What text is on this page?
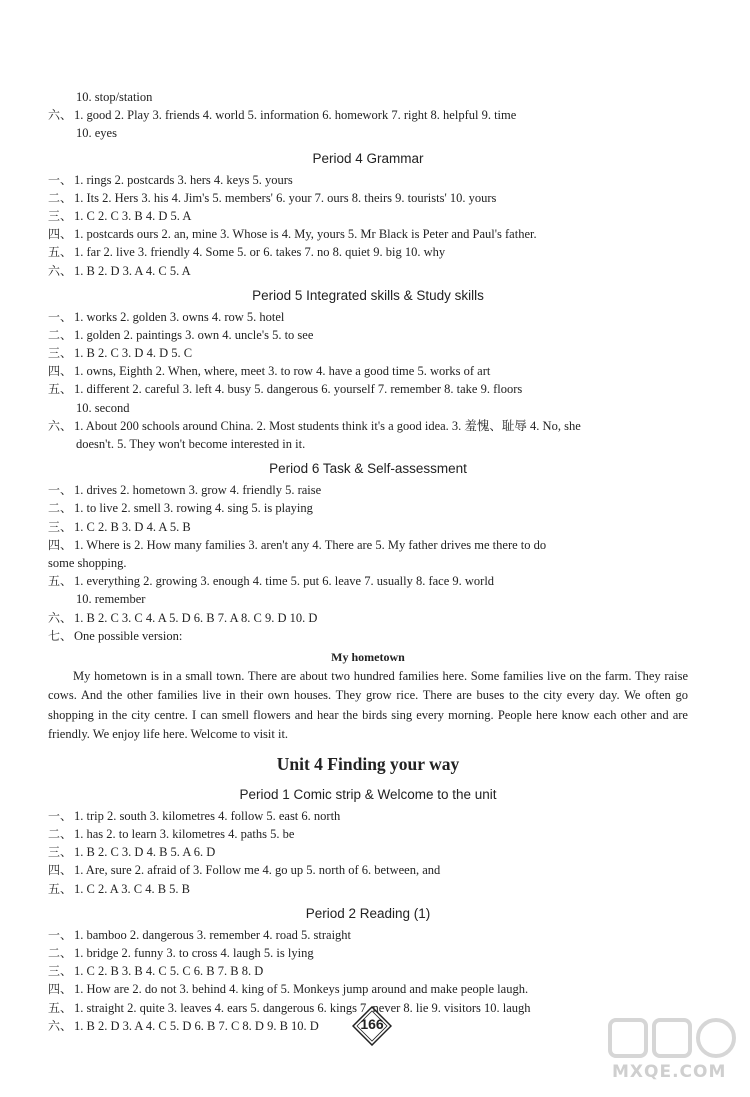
10. stop/station
六、 1. good 2. Play 3. friends 4. world 5. information 6. homework 7. right 8. helpful 9. time
10. eyes
Period 4 Grammar
一、 1. rings 2. postcards 3. hers 4. keys 5. yours
二、 1. Its 2. Hers 3. his 4. Jim's 5. members' 6. your 7. ours 8. theirs 9. tourists' 10. yours
三、 1. C 2. C 3. B 4. D 5. A
四、 1. postcards ours 2. an, mine 3. Whose is 4. My, yours 5. Mr Black is Peter and Paul's father.
五、 1. far 2. live 3. friendly 4. Some 5. or 6. takes 7. no 8. quiet 9. big 10. why
六、 1. B 2. D 3. A 4. C 5. A
Period 5 Integrated skills & Study skills
一、 1. works 2. golden 3. owns 4. row 5. hotel
二、 1. golden 2. paintings 3. own 4. uncle's 5. to see
三、 1. B 2. C 3. D 4. D 5. C
四、 1. owns, Eighth 2. When, where, meet 3. to row 4. have a good time 5. works of art
五、 1. different 2. careful 3. left 4. busy 5. dangerous 6. yourself 7. remember 8. take 9. floors
10. second
六、 1. About 200 schools around China. 2. Most students think it's a good idea. 3. 羞愧、耻辱 4. No, she
doesn't. 5. They won't become interested in it.
Period 6 Task & Self-assessment
一、 1. drives 2. hometown 3. grow 4. friendly 5. raise
二、 1. to live 2. smell 3. rowing 4. sing 5. is playing
三、 1. C 2. B 3. D 4. A 5. B
四、 1. Where is 2. How many families 3. aren't any 4. There are 5. My father drives me there to do
some shopping.
五、 1. everything 2. growing 3. enough 4. time 5. put 6. leave 7. usually 8. face 9. world
10. remember
六、 1. B 2. C 3. C 4. A 5. D 6. B 7. A 8. C 9. D 10. D
七、 One possible version:
My hometown
My hometown is in a small town. There are about two hundred families here. Some families live on the farm. They raise cows. And the other families live in their own houses. They grow rice. There are buses to the city every day. We often go shopping in the city centre. I can smell flowers and hear the birds sing every morning. People here know each other and are friendly. We enjoy life here. Welcome to visit it.
Unit 4 Finding your way
Period 1 Comic strip & Welcome to the unit
一、 1. trip 2. south 3. kilometres 4. follow 5. east 6. north
二、 1. has 2. to learn 3. kilometres 4. paths 5. be
三、 1. B 2. C 3. D 4. B 5. A 6. D
四、 1. Are, sure 2. afraid of 3. Follow me 4. go up 5. north of 6. between, and
五、 1. C 2. A 3. C 4. B 5. B
Period 2 Reading (1)
一、 1. bamboo 2. dangerous 3. remember 4. road 5. straight
二、 1. bridge 2. funny 3. to cross 4. laugh 5. is lying
三、 1. C 2. B 3. B 4. C 5. C 6. B 7. B 8. D
四、 1. How are 2. do not 3. behind 4. king of 5. Monkeys jump around and make people laugh.
五、 1. straight 2. quite 3. leaves 4. ears 5. dangerous 6. kings 7. never 8. lie 9. visitors 10. laugh
六、 1. B 2. D 3. A 4. C 5. D 6. B 7. C 8. D 9. B 10. D	166
MXQE.COM
